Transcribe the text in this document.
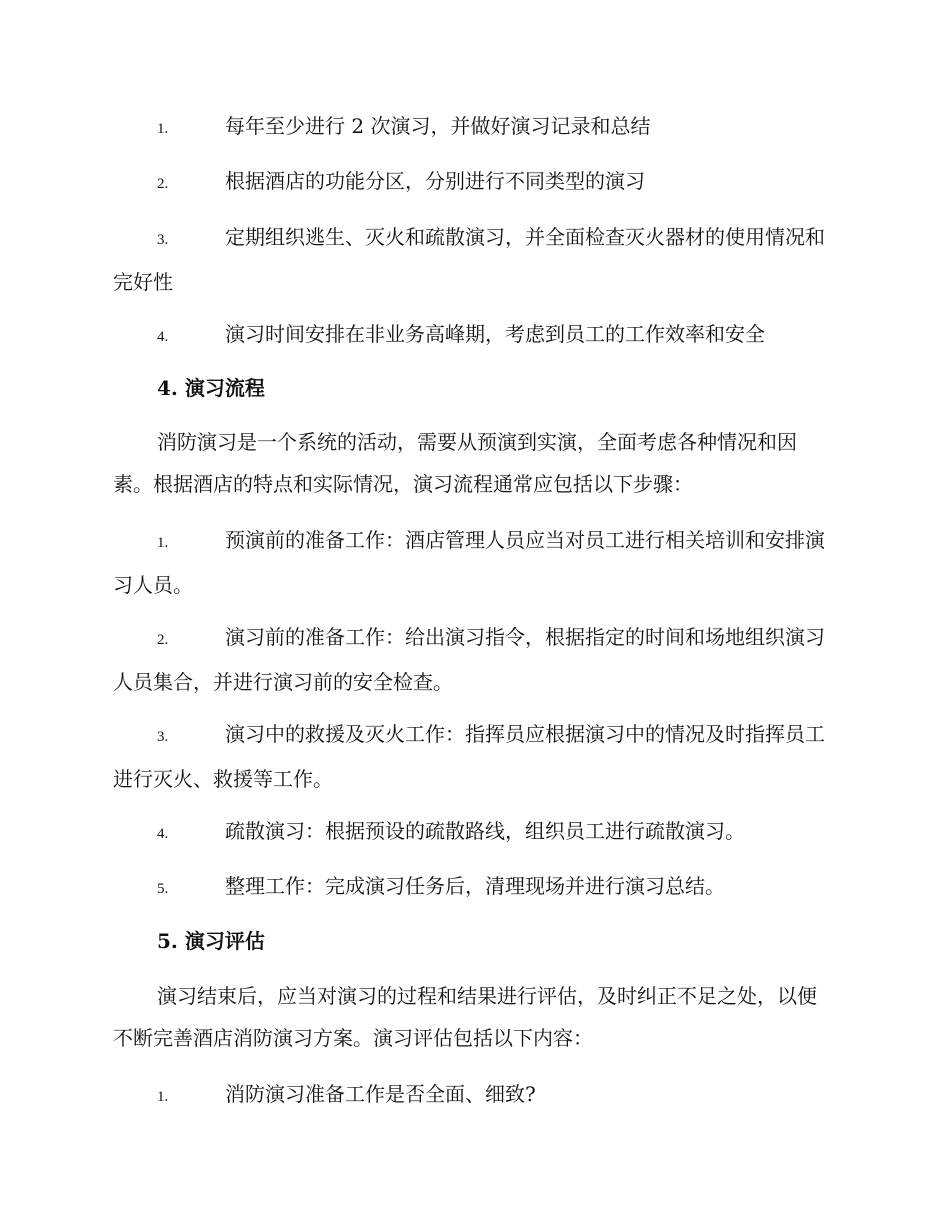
1.	每年至少进行 2 次演习，并做好演习记录和总结
2.	根据酒店的功能分区，分别进行不同类型的演习
3.	定期组织逃生、灭火和疏散演习，并全面检查灭火器材的使用情况和完好性
4.	演习时间安排在非业务高峰期，考虑到员工的工作效率和安全
4. 演习流程
消防演习是一个系统的活动，需要从预演到实演，全面考虑各种情况和因素。根据酒店的特点和实际情况，演习流程通常应包括以下步骤：
1.	预演前的准备工作：酒店管理人员应当对员工进行相关培训和安排演习人员。
2.	演习前的准备工作：给出演习指令，根据指定的时间和场地组织演习人员集合，并进行演习前的安全检查。
3.	演习中的救援及灭火工作：指挥员应根据演习中的情况及时指挥员工进行灭火、救援等工作。
4.	疏散演习：根据预设的疏散路线，组织员工进行疏散演习。
5.	整理工作：完成演习任务后，清理现场并进行演习总结。
5. 演习评估
演习结束后，应当对演习的过程和结果进行评估，及时纠正不足之处，以便不断完善酒店消防演习方案。演习评估包括以下内容：
1.	消防演习准备工作是否全面、细致?
